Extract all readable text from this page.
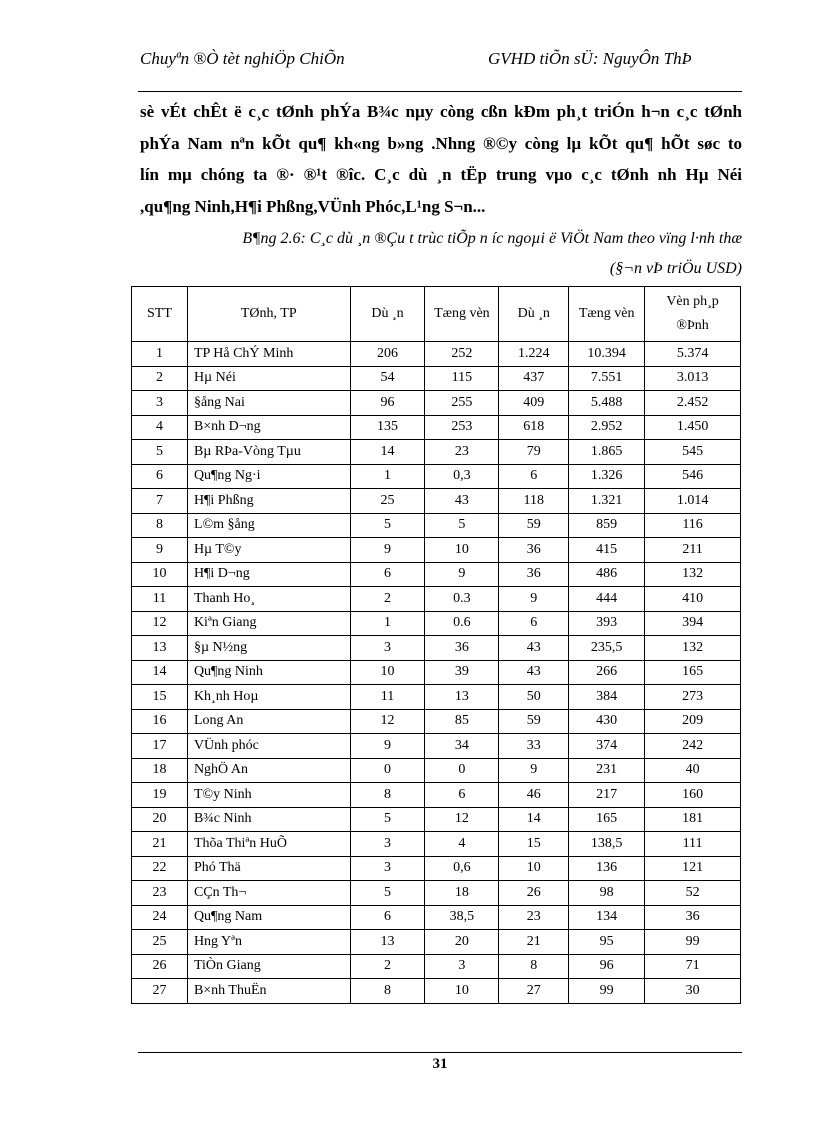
Chuyªn ®Ò tèt nghiÖp ChiÕn	GVHD tiÕn sÜ: NguyÔn ThÞ
sè vÉt chÊt ë c¸c tØnh phÝa B¾c nµy còng cßn kÐm ph¸t triÓn h¬n c¸c tØnh
phÝa Nam nªn kÕt qu¶ kh«ng b»ng .Nhng ®©y còng lµ kÕt qu¶ hÕt søc to
lín mµ chóng ta ®· ®¹t ®îc. C¸c dù ¸n tËp trung vµo c¸c tØnh nh Hµ Néi
,qu¶ng Ninh,H¶i Phßng,VÜnh Phóc,L¹ng S¬n...
B¶ng 2.6: C¸c dù ¸n ®Çu t trùc tiÕp n íc ngoµi ë ViÖt Nam theo vïng l·nh thæ
(§¬n vÞ triÖu USD)
STT	TØnh, TP	Dù ¸n	Tæng vèn	Dù ¸n	Tæng vèn	Vèn ph¸p ®Þnh
1	TP Hå ChÝ Minh	206	252	1.224	10.394	5.374
2	Hµ Néi	54	115	437	7.551	3.013
3	§ång Nai	96	255	409	5.488	2.452
4	B×nh D¬ng	135	253	618	2.952	1.450
5	Bµ RÞa-Vòng Tµu	14	23	79	1.865	545
6	Qu¶ng Ng·i	1	0,3	6	1.326	546
7	H¶i Phßng	25	43	118	1.321	1.014
8	L©m §ång	5	5	59	859	116
9	Hµ T©y	9	10	36	415	211
10	H¶i D¬ng	6	9	36	486	132
11	Thanh Ho¸	2	0.3	9	444	410
12	Kiªn Giang	1	0.6	6	393	394
13	§µ N½ng	3	36	43	235,5	132
14	Qu¶ng Ninh	10	39	43	266	165
15	Kh¸nh Hoµ	11	13	50	384	273
16	Long An	12	85	59	430	209
17	VÜnh phóc	9	34	33	374	242
18	NghÖ An	0	0	9	231	40
19	T©y Ninh	8	6	46	217	160
20	B¾c Ninh	5	12	14	165	181
21	Thõa Thiªn HuÕ	3	4	15	138,5	111
22	Phó Thä	3	0,6	10	136	121
23	CÇn Th¬	5	18	26	98	52
24	Qu¶ng Nam	6	38,5	23	134	36
25	Hng Yªn	13	20	21	95	99
26	TiÒn Giang	2	3	8	96	71
27	B×nh ThuËn	8	10	27	99	30
31
